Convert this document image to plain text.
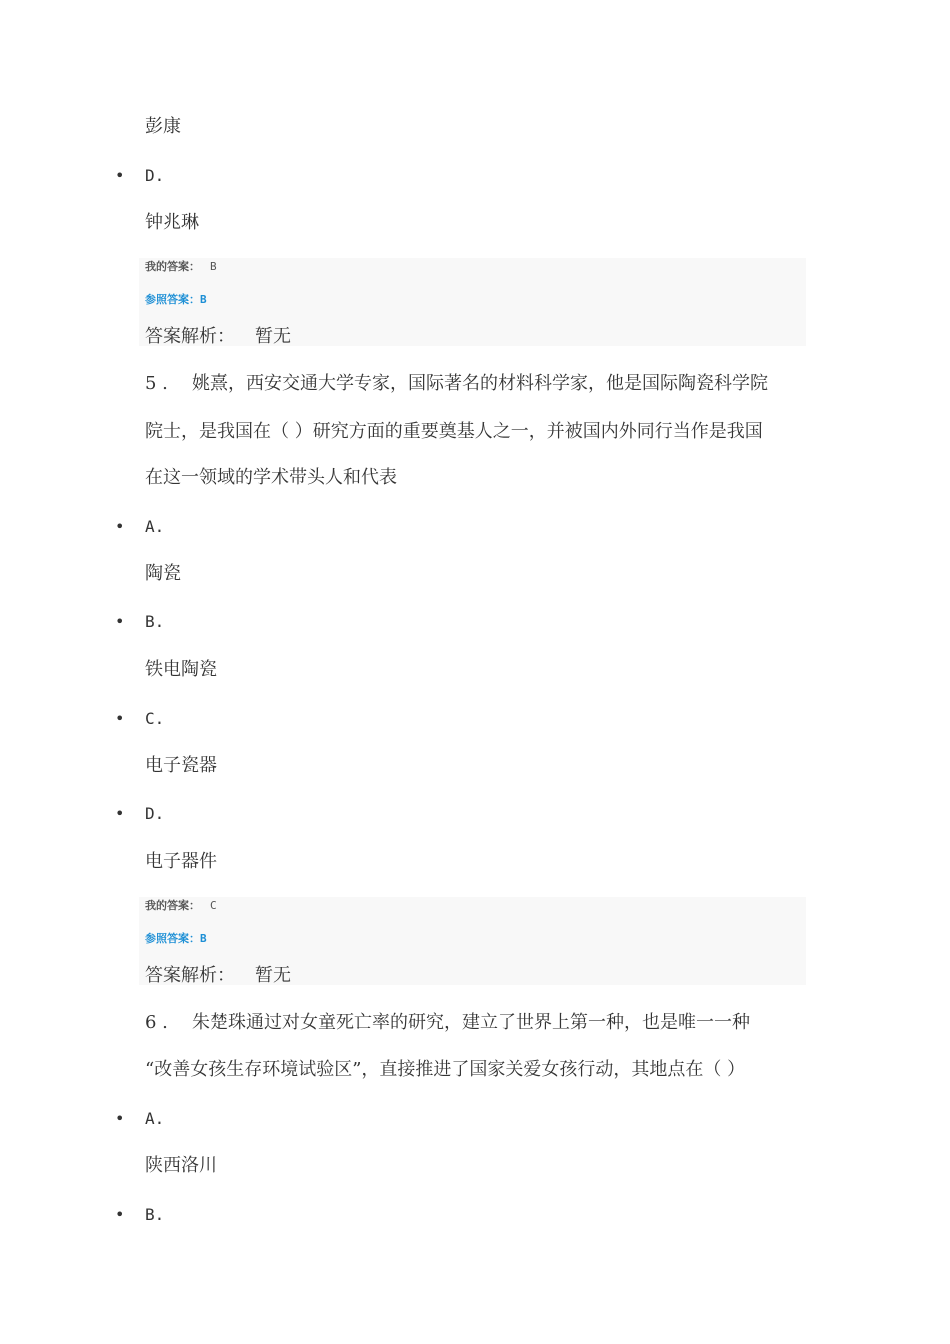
彭康
• D.
钟兆琳
我的答案： B
参照答案：B
答案解析： 暂无
5 . 姚熹，西安交通大学专家，国际著名的材料科学家，他是国际陶瓷科学院
院士，是我国在（ ）研究方面的重要奠基人之一，并被国内外同行当作是我国
在这一领域的学术带头人和代表
• A.
陶瓷
• B.
铁电陶瓷
• C.
电子瓷器
• D.
电子器件
我的答案： C
参照答案：B
答案解析： 暂无
6 . 朱楚珠通过对女童死亡率的研究，建立了世界上第一种，也是唯一一种
“改善女孩生存环境试验区”，直接推进了国家关爱女孩行动，其地点在（ ）
• A.
陕西洛川
• B.
